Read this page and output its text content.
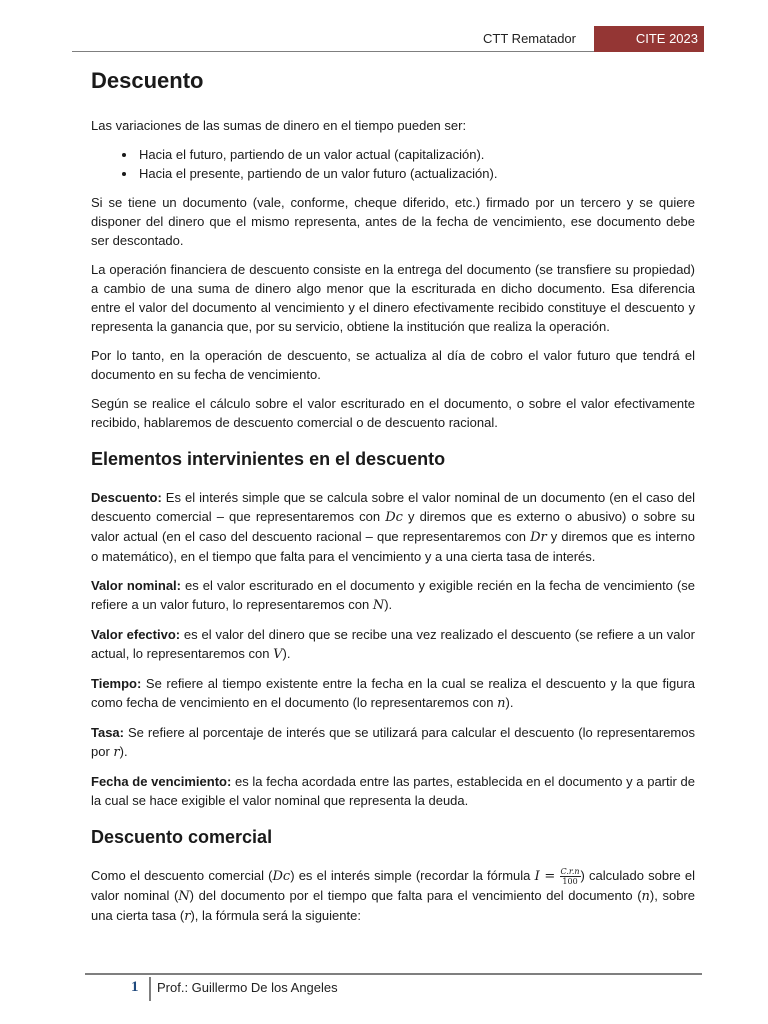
CTT Rematador	CITE 2023
Descuento

Las variaciones de las sumas de dinero en el tiempo pueden ser:

• Hacia el futuro, partiendo de un valor actual (capitalización).
• Hacia el presente, partiendo de un valor futuro (actualización).

Si se tiene un documento (vale, conforme, cheque diferido, etc.) firmado por un tercero y se quiere disponer del dinero que el mismo representa, antes de la fecha de vencimiento, ese documento debe ser descontado.

La operación financiera de descuento consiste en la entrega del documento (se transfiere su propiedad) a cambio de una suma de dinero algo menor que la escriturada en dicho documento. Esa diferencia entre el valor del documento al vencimiento y el dinero efectivamente recibido constituye el descuento y representa la ganancia que, por su servicio, obtiene la institución que realiza la operación.

Por lo tanto, en la operación de descuento, se actualiza al día de cobro el valor futuro que tendrá el documento en su fecha de vencimiento.

Según se realice el cálculo sobre el valor escriturado en el documento, o sobre el valor efectivamente recibido, hablaremos de descuento comercial o de descuento racional.

Elementos intervinientes en el descuento

Descuento: Es el interés simple que se calcula sobre el valor nominal de un documento (en el caso del descuento comercial – que representaremos con Dc y diremos que es externo o abusivo) o sobre su valor actual (en el caso del descuento racional – que representaremos con Dr y diremos que es interno o matemático), en el tiempo que falta para el vencimiento y a una cierta tasa de interés.

Valor nominal: es el valor escriturado en el documento y exigible recién en la fecha de vencimiento (se refiere a un valor futuro, lo representaremos con N).

Valor efectivo: es el valor del dinero que se recibe una vez realizado el descuento (se refiere a un valor actual, lo representaremos con V).

Tiempo: Se refiere al tiempo existente entre la fecha en la cual se realiza el descuento y la que figura como fecha de vencimiento en el documento (lo representaremos con n).

Tasa: Se refiere al porcentaje de interés que se utilizará para calcular el descuento (lo representaremos por r).

Fecha de vencimiento: es la fecha acordada entre las partes, establecida en el documento y a partir de la cual se hace exigible el valor nominal que representa la deuda.

Descuento comercial

Como el descuento comercial (Dc) es el interés simple (recordar la fórmula $I = \frac{C.r.n}{100}$ ) calculado sobre el valor nominal (N) del documento por el tiempo que falta para el vencimiento del documento (n), sobre una cierta tasa (r), la fórmula será la siguiente:

1 Prof.: Guillermo De los Angeles
